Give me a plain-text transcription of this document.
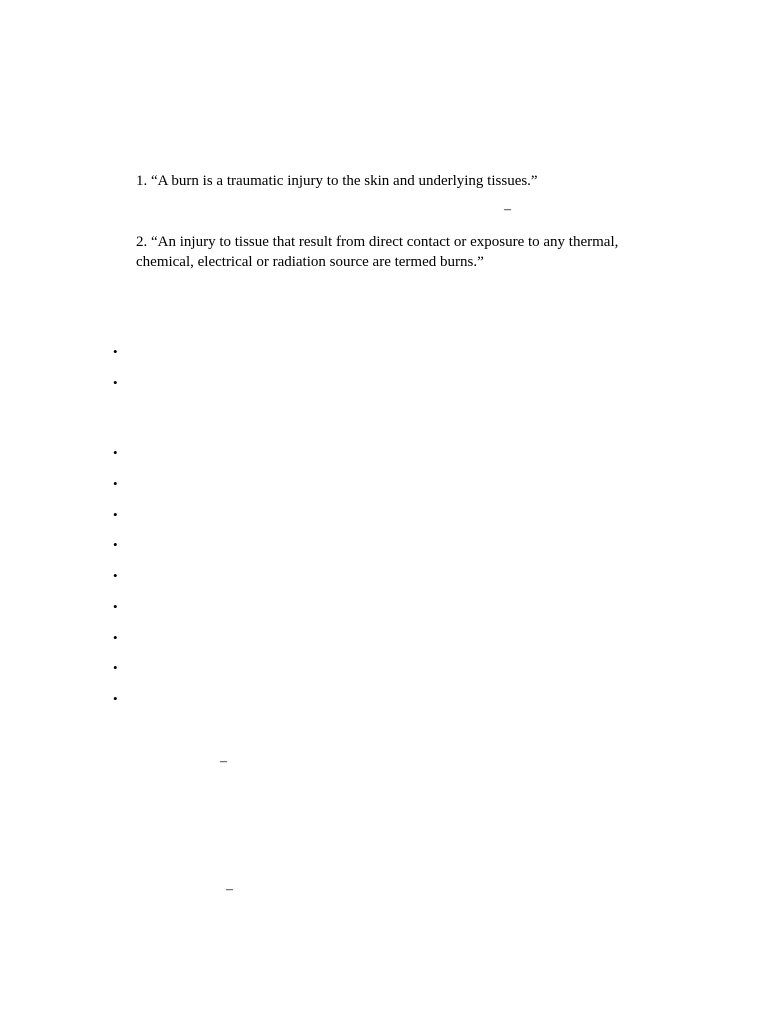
1. “A burn is a traumatic injury to the skin and underlying tissues.”

–

2. “An injury to tissue that result from direct contact or exposure to any thermal,
chemical, electrical or radiation source are termed burns.”

•
•
•
•
•
•
•
•
•
•
•
–
–
